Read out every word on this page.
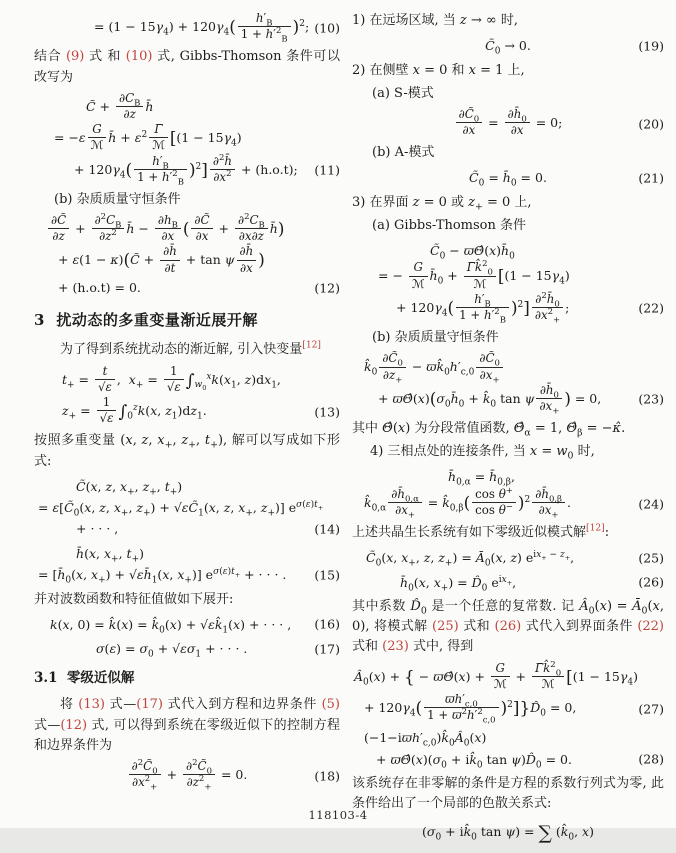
= $(1 - 15\gamma_4) + 120\gamma_4( \frac{h'_B}{1 + h'^2_B} )^2$; (10)

结合 (9) 式 和 (10) 式, Gibbs-Thomson 条件可以改写为

C̃ + $\frac{\partial C_B}{\partial z}$ h̄
= −ε
G
ℳ h̄ + $\varepsilon^2$ Γ̄
ℳ [$(1 - 15\gamma_4)$
+ $120\gamma_4( \frac{h'_B}{1 + h'^2_B} )^2] \frac{\partial^2h̄}{\partial x^2} + (h.o.t)$; (11)
(b) 杂质质量守恒条件
$\frac{\partial C̃}{\partial z} + \frac{\partial^2C_B}{\partial z^2}$ h̄ − $\frac{\partial h_B}{\partial x}$ ( $\frac{\partial C̃}{\partial x} + \frac{\partial^2C_B}{\partial x\partial z}$ h̄)
+ ε(1 − κ)(C̃ + $\frac{\partial h̄}{\partial t} + \tan \psi \frac{\partial h̄}{\partial x}$ )
+ (h.o.t) = 0.	(12)
3  扰动态的多重变量渐近展开解

为了得到系统扰动态的渐近解, 引入快变量[12]

$t_+ = \frac{t}{√\varepsilon}$ ,  $x_+ = \frac{1}{√\varepsilon} \int_{w_0}^xk(x_1$, $z)dx_1$,
$z_+ = \frac{1}{√\varepsilon} \int_0^zk(x$, $z_1)dz_1$.	(13)

按照多重变量 (x, z, $x_+$, $z_+$, $t_+$), 解可以写成如下形式:

C̃(x, z, $x_+$, $z_+$, $t_+$)
= $\varepsilon[C̃_0(x$, z, $x_+$, $z_+$) + $√\varepsilon C̃_1(x$, z, $x_+$, $z_+$)] $e^{\sigma(\varepsilon)t_+}$
+ · · · ,	(14)
h̄(x, $x_+$, $t_+$)
= [$h̄_0(x$, $x_+$) + $√\varepsilon h̄_1(x$, $x_+$)] $e^{\sigma(\varepsilon)t_+}$ + · · · . (15)

并对波数函数和特征值做如下展开:

k(x, 0) = k̂(x) = $k̂_0(x)$ + $√\varepsilon k̂_1(x)$ + · · · , (16)
$\sigma(\varepsilon) = \sigma_0 + √\varepsilon\sigma_1$ + · · · .	(17)
3.1  零级近似解

将 (13) 式—(17) 式代入到方程和边界条件 (5) 式—(12) 式, 可以得到系统在零级近似下的控制方程和边界条件为

$\frac{\partial^2C̃_0}{\partial x^2_+} + \frac{\partial^2C̃_0}{\partial z^2_+} = 0$.	(18)

1) 在远场区域, 当 z → ∞ 时,

$C̃_0 \to 0$.	(19)

2) 在侧壁 x = 0 和 x = 1 上,

(a) S-模式
$\frac{\partial C̃_0}{\partial x} = \frac{\partial h̄_0}{\partial x} = 0$;	(20)
(b) A-模式
$C̃_0$ = $h̄_0 = 0$.	(21)

3) 在界面 z = 0 或 $z_+ = 0$ 上,

(a) Gibbs-Thomson 条件
$C̃_0$ − $ϖ\Thetâ(x)h̄_0$
= −
G
ℳ $h̄_0$ +
Γ̄k̂$^2_0$
ℳ [$(1 - 15\gamma_4)$
+ $120\gamma_4( \frac{h'_B}{1 + h'^2_B} )^2] \frac{\partial^2h̄_0}{\partial x^2_+}$ ;	(22)
(b) 杂质质量守恒条件
$k̂_0 \frac{\partial C̃_0}{\partial z_+}$ − $ϖk̂_0h'_{c,0} \frac{\partial C̃_0}{\partial x_+}$
+ $ϖ\Thetâ(x)(\sigma_0h̄_0$ + $k̂_0$ tan ψ $\frac{\partial h̄_0}{\partial x_+}$ ) = 0,	(23)

其中 Θ̂(x) 为分段常值函数, $\Thetâ_\alpha = 1$, $\Thetâ_\beta$ = −κ̂.

4) 三相点处的连接条件, 当 $x = w_0$ 时,

$h̄_{0,\alpha}$ = $h̄_{0,\beta}$,
$k̂_{0,\alpha} \frac{\partial h̄_{0,\alpha}}{\partial x_+}$ = $k̂_{0,\beta}( \frac{\cos \theta^+}{\cos \theta^-} )^2 \frac{\partial h̄_{0,\beta}}{\partial x_+}$ .	(24)

上述共晶生长系统有如下零级近似模式解[12]:

$C̃_0(x$, $x_+$, z, $z_+$) = $Ā_0(x$, z) $e^{ix_+ - z_+}$,	(25)
$h̄_0(x$, $x_+$) = $D̂_0$ $e^{ix_+}$,	(26)

其中系数 $D̂_0$ 是一个任意的复常数. 记 $Â_0(x)$ = $Ā_0(x$, 0), 将模式解 (25) 式和 (26) 式代入到界面条件 (22) 式和 (23) 式中, 得到

$Â_0(x)$ + { − ϖΘ̂(x) +
G
ℳ +
Γ̄k̂$^2_0$
ℳ [$(1 - 15\gamma_4)$
+ $120\gamma_4( \frac{ϖh'_{c,0}}{1 + ϖ^2h'^2_{c,0}}$ )$^2]\}D̂_0 = 0$,	(27)
$(-1-iϖh'_{c,0})k̂_0Â_0(x)$
+ $ϖ\Thetâ(x)(\sigma_0$ + $ik̂_0$ $\tan \psi)D̂_0 = 0$.	(28)

该系统存在非零解的条件是方程的系数行列式为零, 此条件给出了一个局部的色散关系式:

($\sigma_0$ + $ik̂_0$ tan ψ) = ∑ ($k̂_0$, x)
118103-4
